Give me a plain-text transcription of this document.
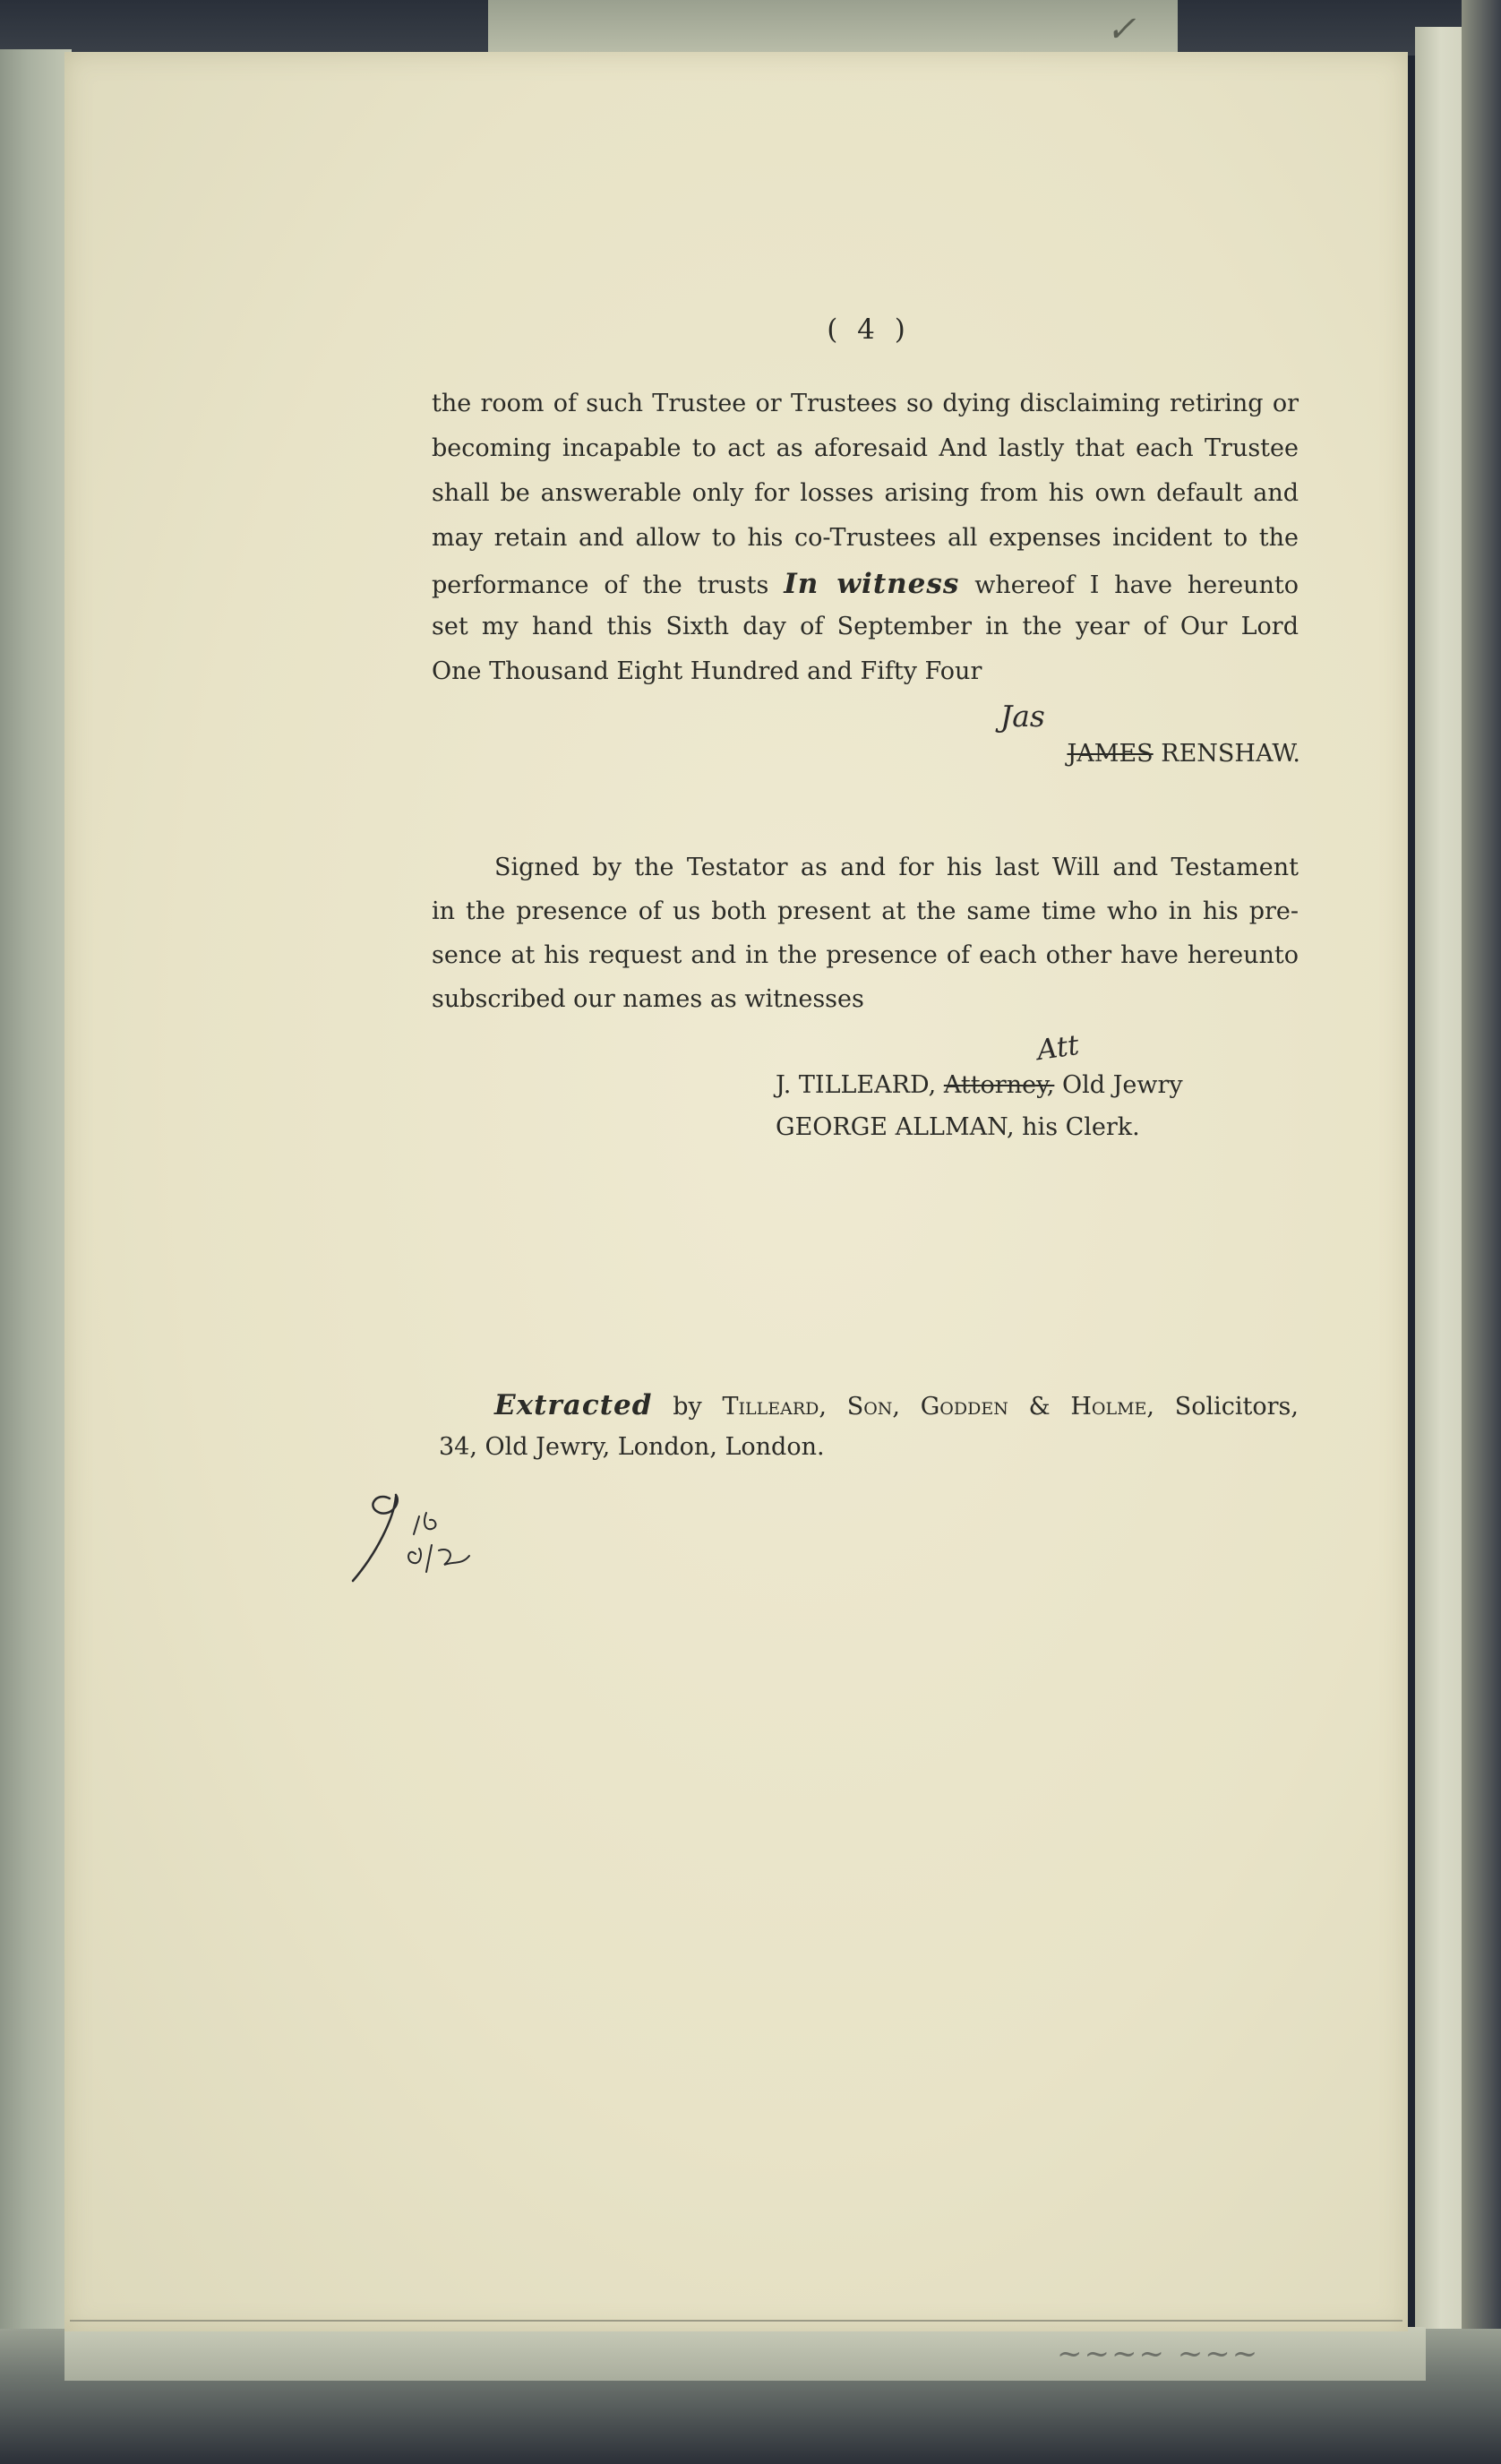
✓
~~~~ ~~~
( 4 )
the room of such Trustee or Trustees so dying disclaiming retiring or
becoming incapable to act as aforesaid And lastly that each Trustee
shall be answerable only for losses arising from his own default and
may retain and allow to his co-Trustees all expenses incident to the
performance of the trusts In witness whereof I have hereunto
set my hand this Sixth day of September in the year of Our Lord
One Thousand Eight Hundred and Fifty Four
Jas
JAMES RENSHAW.
Signed by the Testator as and for his last Will and Testament
in the presence of us both present at the same time who in his pre-
sence at his request and in the presence of each other have hereunto
subscribed our names as witnesses
Att
J. TILLEARD, Attorney, Old Jewry
GEORGE ALLMAN, his Clerk.
Extracted by Tilleard, Son, Godden & Holme, Solicitors,
34, Old Jewry, London, London.
